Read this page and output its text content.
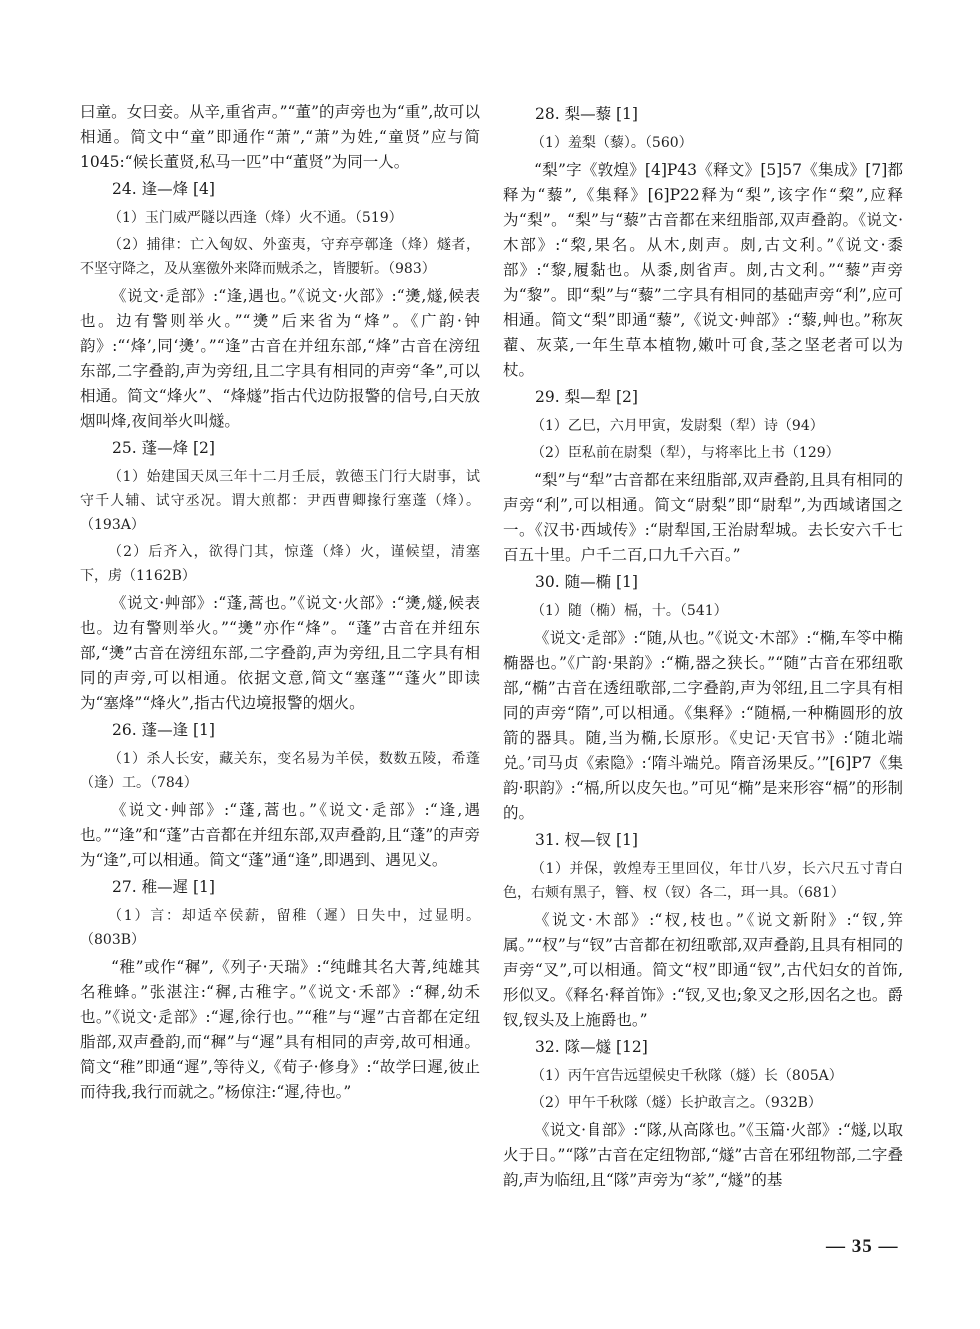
曰童。女曰妾。从辛,重省声。”“董”的声旁也为“重”,故可以相通。简文中“童”即通作“萧”,“萧”为姓,“童贤”应与简1045:“候长董贤,私马一匹”中“董贤”为同一人。

24. 逢—烽 [4]

（1）玉门威严隧以西逢（烽）火不通。（519）

（2）捕律：亡入匈奴、外蛮夷，守弃亭鄣逢（烽）燧者，不坚守降之，及从塞徼外来降而贼杀之，皆腰斩。（983）

《说文·辵部》:“逢,遇也。”《说文·火部》:“㷭,燧,候表也。边有警则举火。”“㷭”后来省为“烽”。《广韵·钟韵》:“‘烽’,同‘㷭’。”“逢”古音在并纽东部,“烽”古音在滂纽东部,二字叠韵,声为旁纽,且二字具有相同的声旁“夆”,可以相通。简文“烽火”、“烽燧”指古代边防报警的信号,白天放烟叫烽,夜间举火叫燧。

25. 蓬—烽 [2]

（1）始建国天凤三年十二月壬辰，敦德玉门行大尉事，试守千人辅、试守丞况。谓大煎都：尹西曹卿掾行塞蓬（烽）。（193A）

（2）后齐入，欲得门其，惊蓬（烽）火，谨候望，清塞下，虏（1162B）

《说文·艸部》:“蓬,蒿也。”《说文·火部》:“㷭,燧,候表也。边有警则举火。”“㷭”亦作“烽”。“蓬”古音在并纽东部,“㷭”古音在滂纽东部,二字叠韵,声为旁纽,且二字具有相同的声旁,可以相通。依据文意,简文“塞蓬”“蓬火”即读为“塞烽”“烽火”,指古代边境报警的烟火。

26. 蓬—逢 [1]

（1）杀人长安，藏关东，变名易为羊侯，数数五陵，希蓬（逢）工。（784）

《说文·艸部》:“蓬,蒿也。”《说文·辵部》:“逢,遇也。”“逢”和“蓬”古音都在并纽东部,双声叠韵,且“蓬”的声旁为“逢”,可以相通。简文“蓬”通“逢”,即遇到、遇见义。

27. 稚—遲 [1]

（1）言：却适卒侯薪，留稚（遲）日失中，过显明。（803B）

“稚”或作“穉”,《列子·天瑞》:“纯雌其名大菁,纯雄其名稚蜂。”张湛注:“穉,古稚字。”《说文·禾部》:“穉,幼禾也。”《说文·辵部》:“遲,徐行也。”“稚”与“遲”古音都在定纽脂部,双声叠韵,而“穉”与“遲”具有相同的声旁,故可相通。简文“稚”即通“遲”,等待义,《荀子·修身》:“故学曰遲,彼止而待我,我行而就之。”杨倞注:“遲,待也。”

28. 梨—藜 [1]

（1）羞梨（藜）。（560）

“梨”字《敦煌》[4]P43《释文》[5]57《集成》[7]都释为“藜”,《集释》[6]P22释为“梨”,该字作“棃”,应释为“梨”。“梨”与“藜”古音都在来纽脂部,双声叠韵。《说文·木部》:“棃,果名。从木,㓟声。㓟,古文利。”《说文·黍部》:“黎,履黏也。从黍,㓟省声。㓟,古文利。”“藜”声旁为“黎”。即“梨”与“藜”二字具有相同的基础声旁“利”,应可相通。简文“梨”即通“藜”,《说文·艸部》:“藜,艸也。”称灰藋、灰菜,一年生草本植物,嫩叶可食,茎之坚老者可以为杖。

29. 梨—犁 [2]

（1）乙巳，六月甲寅，发尉梨（犁）诗（94）

（2）臣私前在尉梨（犁），与将率比上书（129）

“梨”与“犁”古音都在来纽脂部,双声叠韵,且具有相同的声旁“利”,可以相通。简文“尉梨”即“尉犁”,为西域诸国之一。《汉书·西域传》:“尉犁国,王治尉犁城。去长安六千七百五十里。户千二百,口九千六百。”

30. 随—椭 [1]

（1）随（椭）槅，十。（541）

《说文·辵部》:“随,从也。”《说文·木部》:“椭,车笭中椭椭器也。”《广韵·果韵》:“椭,器之狭长。”“随”古音在邪纽歌部,“椭”古音在透纽歌部,二字叠韵,声为邻纽,且二字具有相同的声旁“隋”,可以相通。《集释》:“随槅,一种椭圆形的放箭的器具。随,当为椭,长原形。《史记·天官书》:‘随北端兑。’司马贞《索隐》:‘隋斗端兑。隋音汤果反。’”[6]P7《集韵·职韵》:“槅,所以皮矢也。”可见“椭”是来形容“槅”的形制的。

31. 杈—钗 [1]

（1）并保，敦煌寿王里回仪，年廿八岁，长六尺五寸青白色，右颊有黑子，簪、杈（钗）各二，珥一具。（681）

《说文·木部》:“杈,枝也。”《说文新附》:“钗,笄属。”“杈”与“钗”古音都在初纽歌部,双声叠韵,且具有相同的声旁“叉”,可以相通。简文“杈”即通“钗”,古代妇女的首饰,形似叉。《释名·释首饰》:“钗,叉也;象叉之形,因名之也。爵钗,钗头及上施爵也。”

32. 隊—燧 [12]

（1）丙午宫告远望候史千秋隊（燧）长（805A）

（2）甲午千秋隊（燧）长护敢言之。（932B）

《说文·𨸏部》:“隊,从高隊也。”《玉篇·火部》:“燧,以取火于日。”“隊”古音在定纽物部,“燧”古音在邪纽物部,二字叠韵,声为临纽,且“隊”声旁为“㒸”,“燧”的基

— 35 —
